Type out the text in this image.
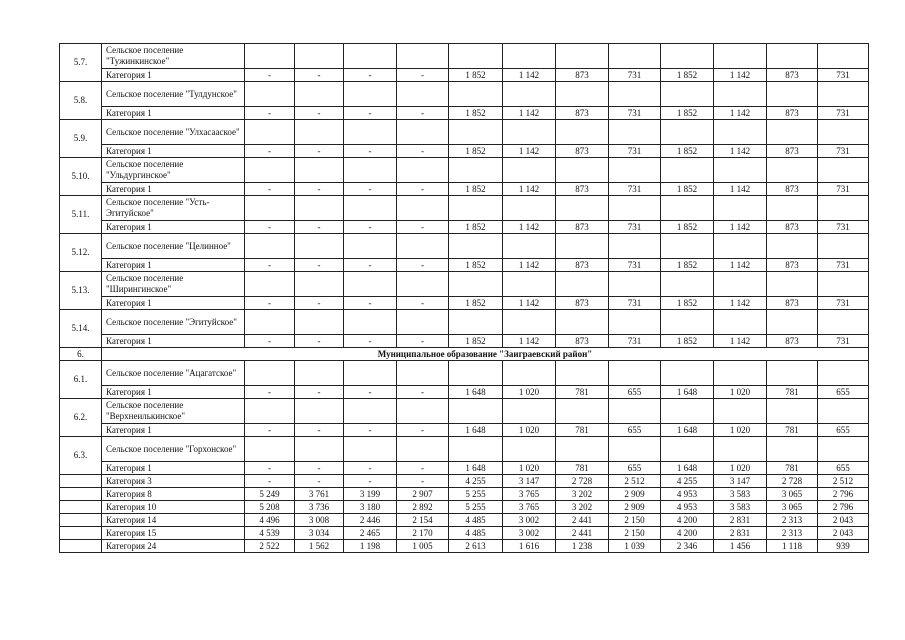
5.7.	Сельское поселение "Тужинкинское"												
	Категория 1	-	-	-	-	1 852	1 142	873	731	1 852	1 142	873	731
5.8.	Сельское поселение "Тулдунское"												
	Категория 1	-	-	-	-	1 852	1 142	873	731	1 852	1 142	873	731
5.9.	Сельское поселение "Улхасаaское"												
	Категория 1	-	-	-	-	1 852	1 142	873	731	1 852	1 142	873	731
5.10.	Сельское поселение "Ульдургинское"												
	Категория 1	-	-	-	-	1 852	1 142	873	731	1 852	1 142	873	731
5.11.	Сельское поселение "Усть-Эгитуйское"												
	Категория 1	-	-	-	-	1 852	1 142	873	731	1 852	1 142	873	731
5.12.	Сельское поселение "Целинное"												
	Категория 1	-	-	-	-	1 852	1 142	873	731	1 852	1 142	873	731
5.13.	Сельское поселение "Ширингинское"												
	Категория 1	-	-	-	-	1 852	1 142	873	731	1 852	1 142	873	731
5.14.	Сельское поселение "Эгитуйское"												
	Категория 1	-	-	-	-	1 852	1 142	873	731	1 852	1 142	873	731
6.	Муниципальное образование "Заиграевский район"												
6.1.	Сельское поселение "Ацагатское"												
	Категория 1	-	-	-	-	1 648	1 020	781	655	1 648	1 020	781	655
6.2.	Сельское поселение "Верхнеилькинское"												
	Категория 1	-	-	-	-	1 648	1 020	781	655	1 648	1 020	781	655
6.3.	Сельское поселение "Горхонское"												
	Категория 1	-	-	-	-	1 648	1 020	781	655	1 648	1 020	781	655
	Категория 3	-	-	-	-	4 255	3 147	2 728	2 512	4 255	3 147	2 728	2 512
	Категория 8	5 249	3 761	3 199	2 907	5 255	3 765	3 202	2 909	4 953	3 583	3 065	2 796
	Категория 10	5 208	3 736	3 180	2 892	5 255	3 765	3 202	2 909	4 953	3 583	3 065	2 796
	Категория 14	4 496	3 008	2 446	2 154	4 485	3 002	2 441	2 150	4 200	2 831	2 313	2 043
	Категория 15	4 539	3 034	2 465	2 170	4 485	3 002	2 441	2 150	4 200	2 831	2 313	2 043
	Категория 24	2 522	1 562	1 198	1 005	2 613	1 616	1 238	1 039	2 346	1 456	1 118	939
